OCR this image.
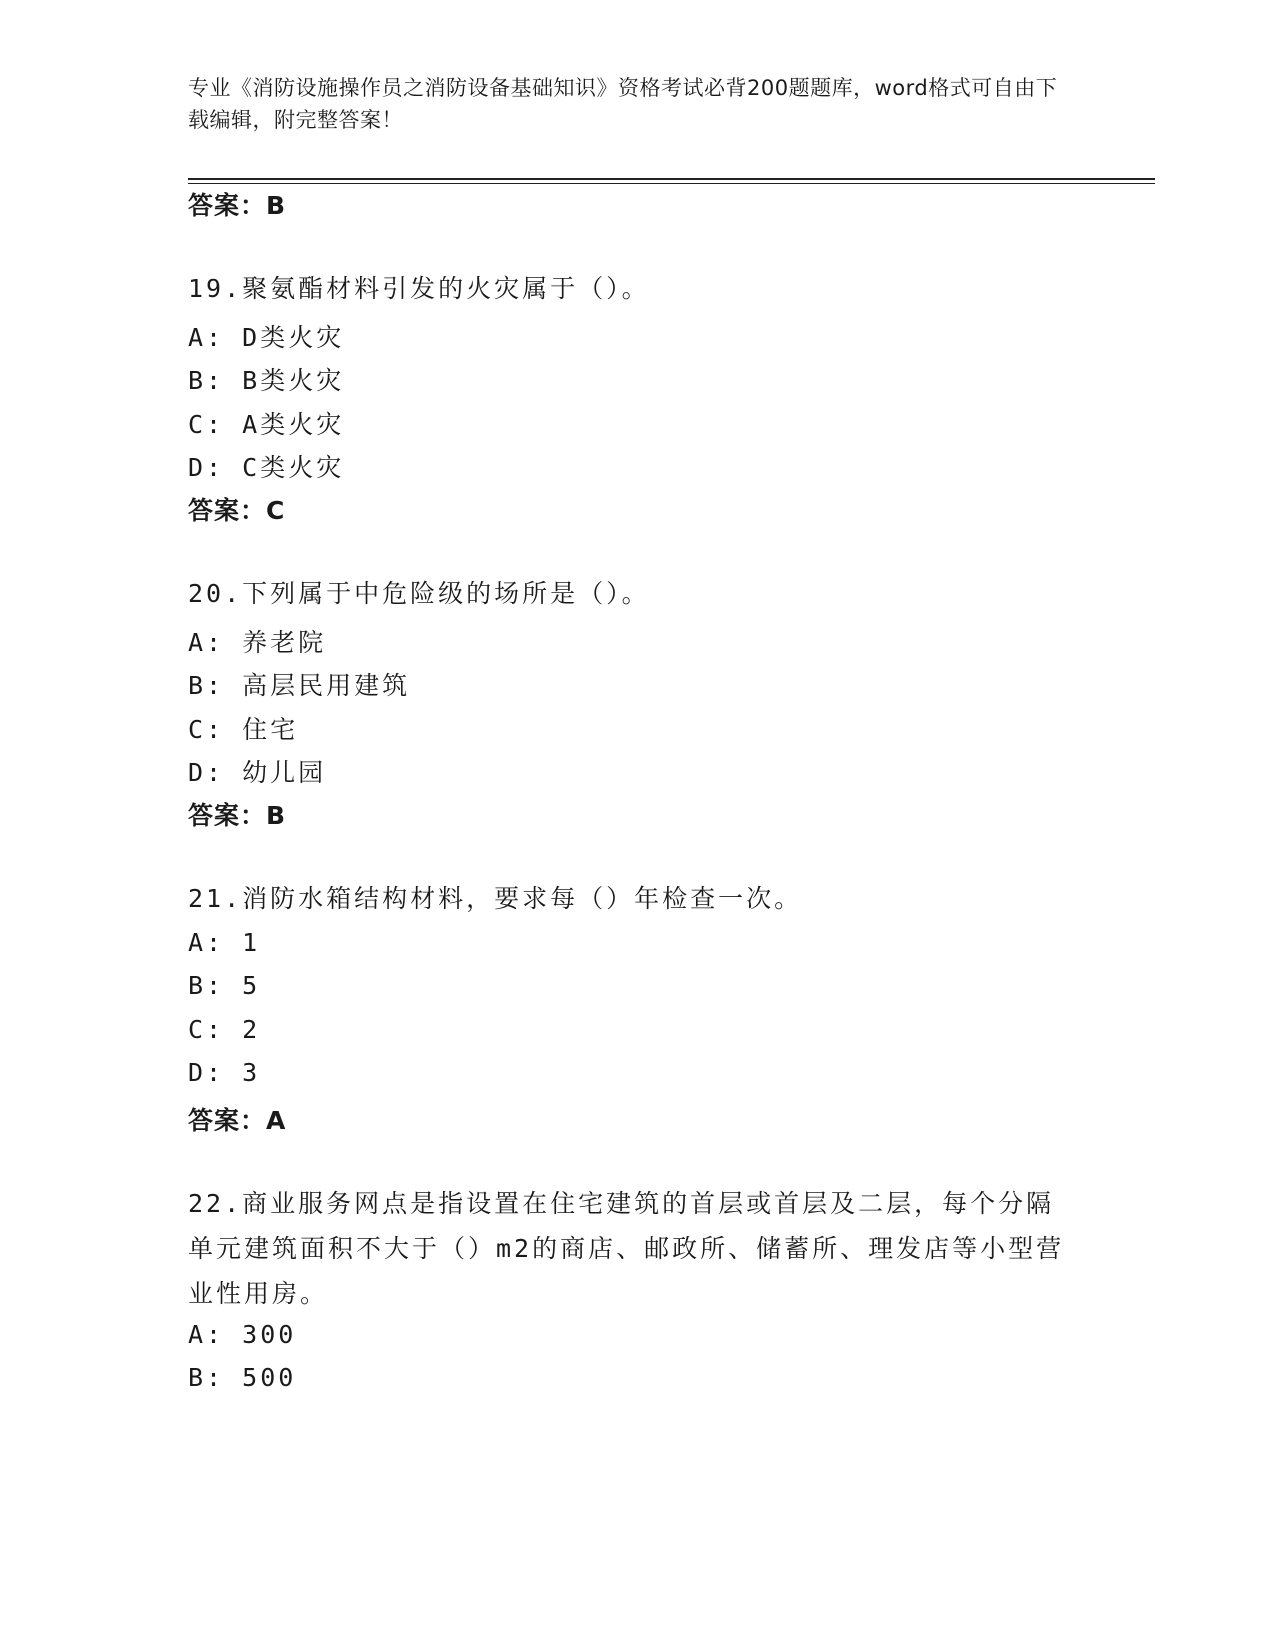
专业《消防设施操作员之消防设备基础知识》资格考试必背200题题库，word格式可自由下载编辑，附完整答案！
答案：B
19.聚氨酯材料引发的火灾属于（）。
A: D类火灾
B: B类火灾
C: A类火灾
D: C类火灾
答案：C
20.下列属于中危险级的场所是（）。
A: 养老院
B: 高层民用建筑
C: 住宅
D: 幼儿园
答案：B
21.消防水箱结构材料，要求每（）年检查一次。
A: 1
B: 5
C: 2
D: 3
答案：A
22.商业服务网点是指设置在住宅建筑的首层或首层及二层，每个分隔单元建筑面积不大于（）m2的商店、邮政所、储蓄所、理发店等小型营业性用房。
A: 300
B: 500
